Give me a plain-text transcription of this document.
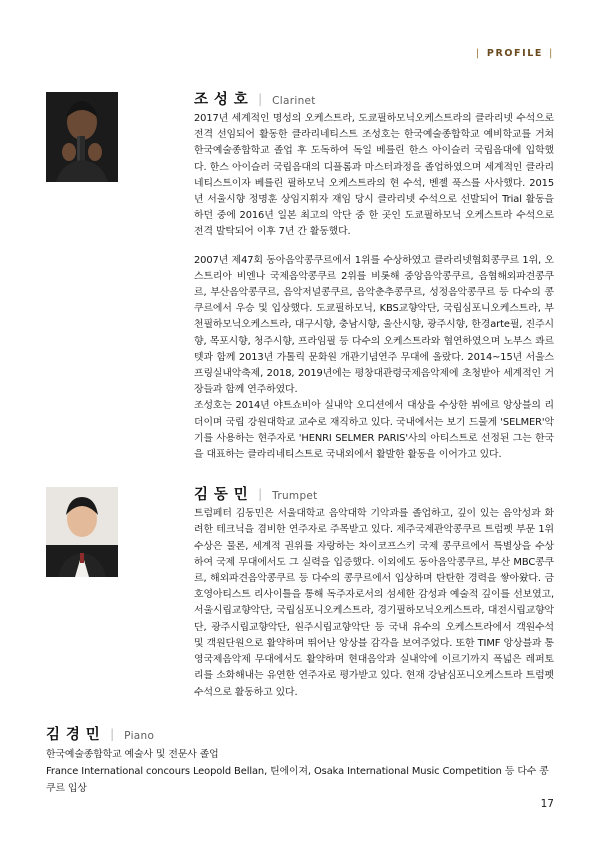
| PROFILE |
조 성 호 | Clarinet

2017년 세계적인 명성의 오케스트라, 도쿄필하모닉오케스트라의 클라리넷 수석으로 전격 선임되어 활동한 클라리네티스트 조성호는 한국예술종합학교 예비학교를 거쳐 한국예술종합학교 졸업 후 도독하여 독일 베를린 한스 아이슬러 국립음대에 입학했다. 한스 아이슬러 국립음대의 디플롬과 마스터과정을 졸업하였으며 세계적인 클라리네티스트이자 베를린 필하모닉 오케스트라의 현 수석, 벤젤 푹스를 사사했다. 2015년 서울시향 정명훈 상임지휘자 재임 당시 클라리넷 수석으로 선발되어 Trial 활동을 하던 중에 2016년 일본 최고의 악단 중 한 곳인 도쿄필하모닉 오케스트라 수석으로 전격 발탁되어 이후 7년 간 활동했다.

2007년 제47회 동아음악콩쿠르에서 1위를 수상하였고 클라리넷협회콩쿠르 1위, 오스트리아 비엔나 국제음악콩쿠르 2위를 비롯해 중앙음악콩쿠르, 음협해외파견콩쿠르, 부산음악콩쿠르, 음악저널콩쿠르, 음악춘추콩쿠르, 성정음악콩쿠르 등 다수의 콩쿠르에서 우승 및 입상했다. 도쿄필하모닉, KBS교향악단, 국립심포니오케스트라, 부천필하모닉오케스트라, 대구시향, 충남시향, 울산시향, 광주시향, 한경arte필, 진주시향, 목포시향, 청주시향, 프라임필 등 다수의 오케스트라와 협연하였으며 노부스 콰르텟과 함께 2013년 가톨릭 문화원 개관기념연주 무대에 올랐다. 2014~15년 서울스프링실내악축제, 2018, 2019년에는 평창대관령국제음악제에 초청받아 세계적인 거장들과 함께 연주하였다.

조성호는 2014년 야트쇼비아 실내악 오디션에서 대상을 수상한 뷔에르 앙상블의 리더이며 국립 강원대학교 교수로 재직하고 있다. 국내에서는 보기 드물게 'SELMER'악기를 사용하는 현주자로 'HENRI SELMER PARIS'사의 아티스트로 선정된 그는 한국을 대표하는 클라리네티스트로 국내외에서 활발한 활동을 이어가고 있다.

김 동 민 | Trumpet

트럼페터 김동민은 서울대학교 음악대학 기악과를 졸업하고, 깊이 있는 음악성과 화려한 테크닉을 겸비한 연주자로 주목받고 있다. 제주국제관악콩쿠르 트럼펫 부문 1위 수상은 물론, 세계적 권위를 자랑하는 차이코프스키 국제 콩쿠르에서 특별상을 수상하여 국제 무대에서도 그 실력을 입증했다. 이외에도 동아음악콩쿠르, 부산 MBC콩쿠르, 해외파견음악콩쿠르 등 다수의 콩쿠르에서 입상하며 탄탄한 경력을 쌓아왔다. 금호영아티스트 리사이틀을 통해 독주자로서의 섬세한 감성과 예술적 깊이를 선보였고, 서울시립교향악단, 국립심포니오케스트라, 경기필하모닉오케스트라, 대전시립교향악단, 광주시립교향악단, 원주시립교향악단 등 국내 유수의 오케스트라에서 객원수석 및 객원단원으로 활약하며 뛰어난 앙상블 감각을 보여주었다. 또한 TIMF 앙상블과 통영국제음악제 무대에서도 활약하며 현대음악과 실내악에 이르기까지 폭넓은 레퍼토리를 소화해내는 유연한 연주자로 평가받고 있다. 현재 강남심포니오케스트라 트럼펫 수석으로 활동하고 있다.

김 경 민 | Piano

한국예술종합학교 예술사 및 전문사 졸업

France International concours Leopold Bellan, 틴에이져, Osaka International Music Competition 등 다수 콩쿠르 입상

17
